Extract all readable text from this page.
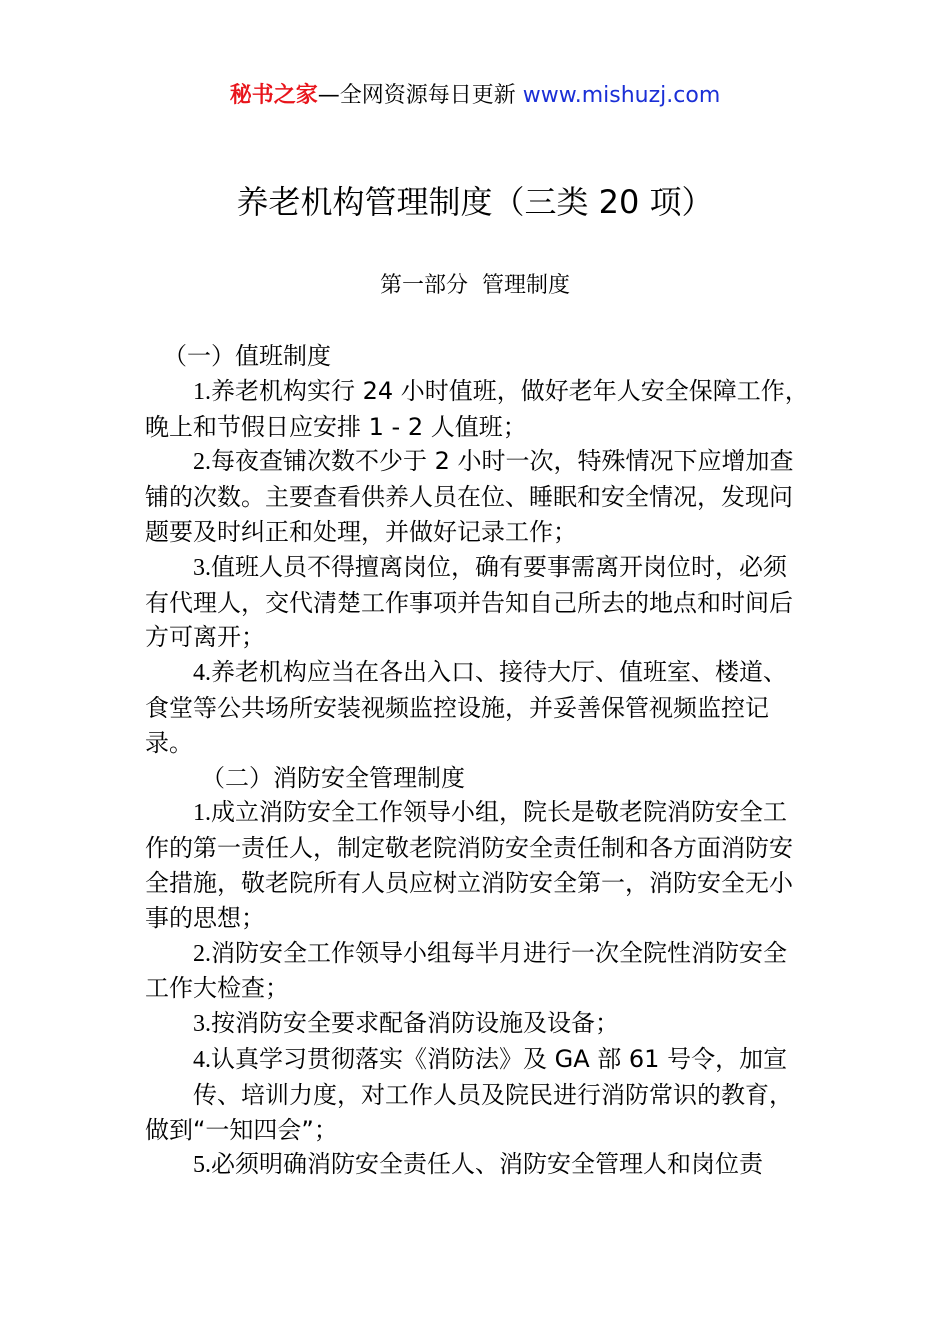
秘书之家—全网资源每日更新 www.mishuzj.com
养老机构管理制度（三类 20 项）
第一部分  管理制度

（一）值班制度

1.养老机构实行 24 小时值班，做好老年人安全保障工作，晚上和节假日应安排 1 - 2 人值班；

2.每夜查铺次数不少于 2 小时一次，特殊情况下应增加查铺的次数。主要查看供养人员在位、睡眠和安全情况，发现问题要及时纠正和处理，并做好记录工作；

3.值班人员不得擅离岗位，确有要事需离开岗位时，必须有代理人，交代清楚工作事项并告知自己所去的地点和时间后方可离开；

4.养老机构应当在各出入口、接待大厅、值班室、楼道、食堂等公共场所安装视频监控设施，并妥善保管视频监控记录。

（二）消防安全管理制度

1.成立消防安全工作领导小组，院长是敬老院消防安全工作的第一责任人，制定敬老院消防安全责任制和各方面消防安全措施，敬老院所有人员应树立消防安全第一，消防安全无小事的思想；

2.消防安全工作领导小组每半月进行一次全院性消防安全工作大检查；

3.按消防安全要求配备消防设施及设备；

4.认真学习贯彻落实《消防法》及 GA 部 61 号令，加宣

传、培训力度，对工作人员及院民进行消防常识的教育，做到“一知四会”；

5.必须明确消防安全责任人、消防安全管理人和岗位责
